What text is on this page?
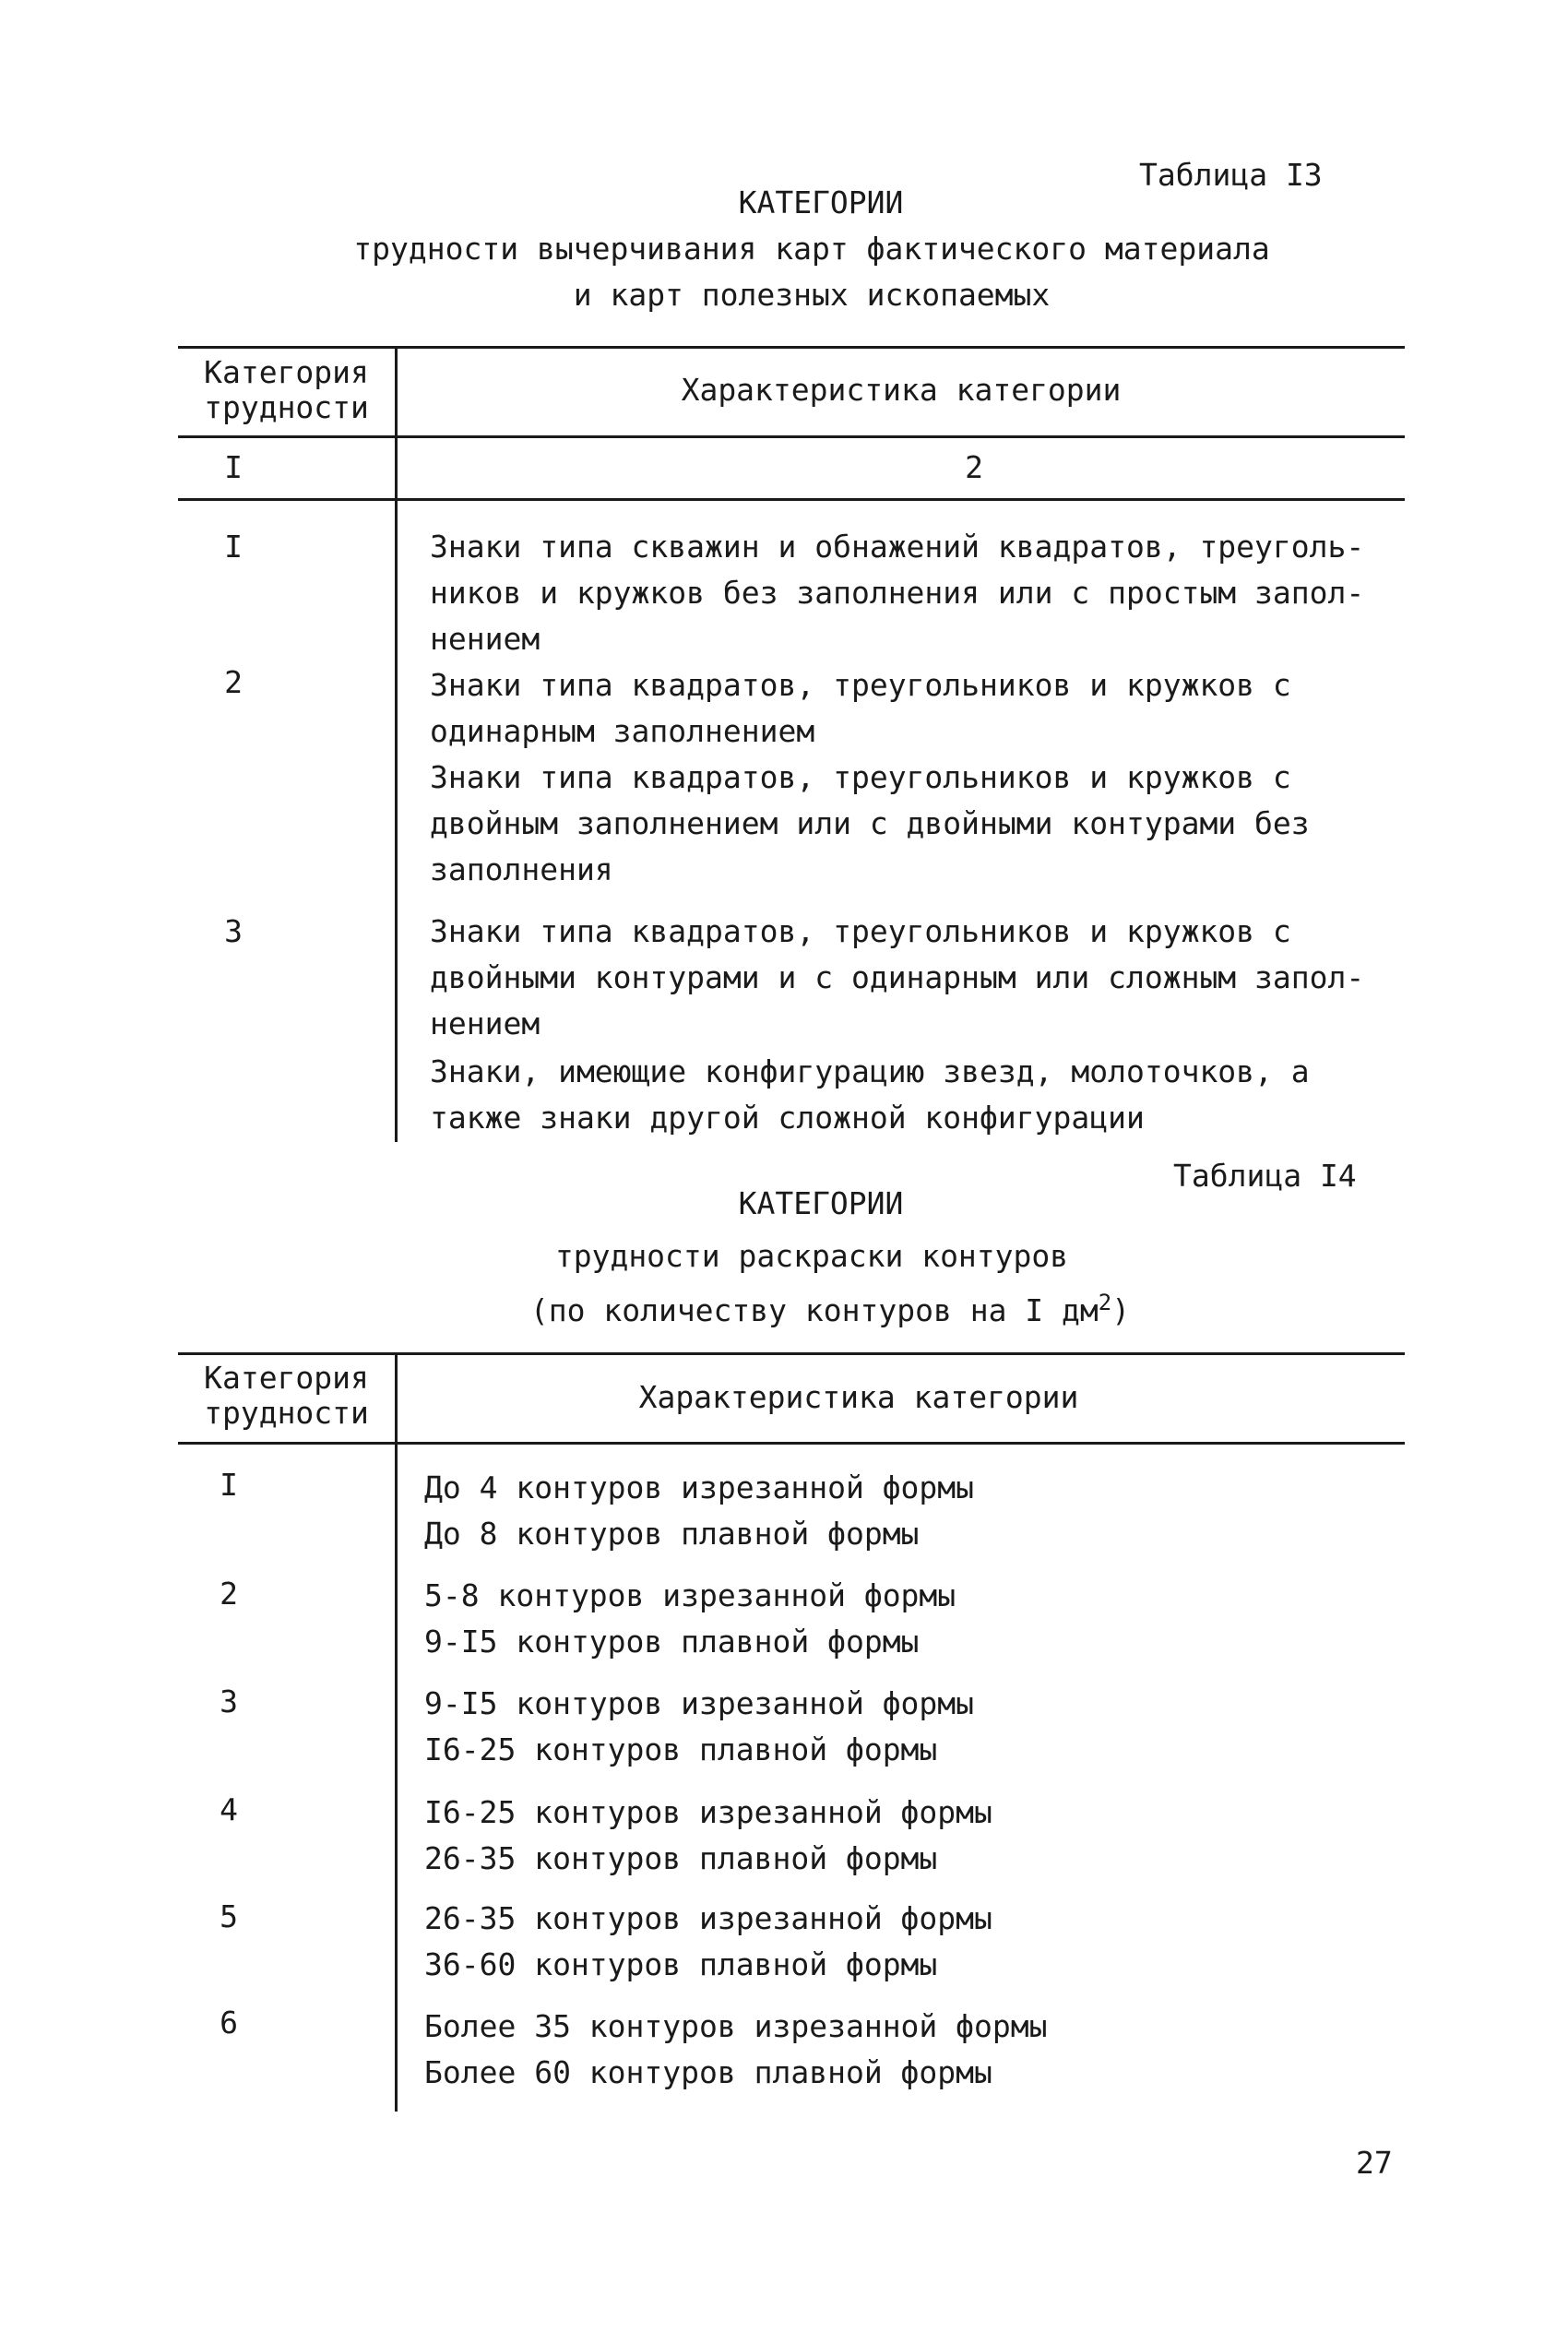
Таблица I3
КАТЕГОРИИ
трудности вычерчивания карт фактического материала
и карт полезных ископаемых
Категория
трудности	Характеристика категории
I	2
I	Знаки типа скважин и обнажений квадратов, треуголь-
ников и кружков без заполнения или с простым запол-
нением
2	Знаки типа квадратов, треугольников и кружков с
одинарным заполнением
Знаки типа квадратов, треугольников и кружков с
двойным заполнением или с двойными контурами без
заполнения
3	Знаки типа квадратов, треугольников и кружков с
двойными контурами и с одинарным или сложным запол-
нением
Знаки, имеющие конфигурацию звезд, молоточков, а
также знаки другой сложной конфигурации
Таблица I4
КАТЕГОРИИ
трудности раскраски контуров
(по количеству контуров на I $дм^2$)
Категория
трудности	Характеристика категории
I	До 4 контуров изрезанной формы
До 8 контуров плавной формы
2	5-8 контуров изрезанной формы
9-I5 контуров плавной формы
3	9-I5 контуров изрезанной формы
I6-25 контуров плавной формы
4	I6-25 контуров изрезанной формы
26-35 контуров плавной формы
5	26-35 контуров изрезанной формы
36-60 контуров плавной формы
6	Более 35 контуров изрезанной формы
Более 60 контуров плавной формы
27
